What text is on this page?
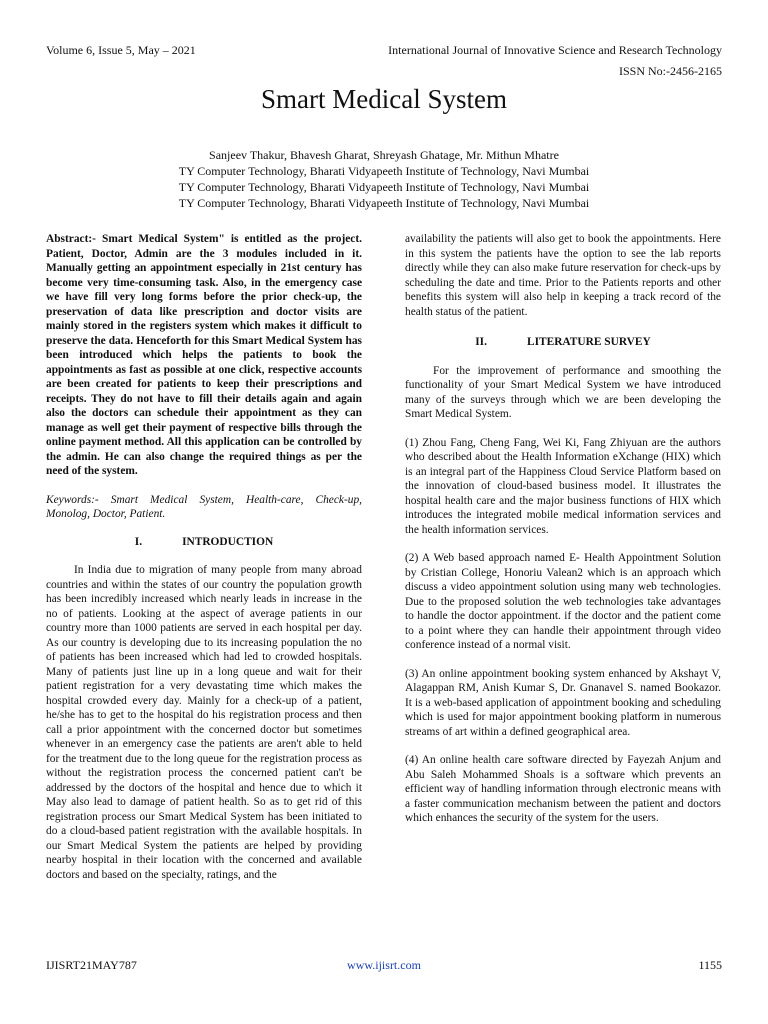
Volume 6, Issue 5, May – 2021	International Journal of Innovative Science and Research Technology
ISSN No:-2456-2165
Smart Medical System
Sanjeev Thakur, Bhavesh Gharat, Shreyash Ghatage, Mr. Mithun Mhatre
TY Computer Technology, Bharati Vidyapeeth Institute of Technology, Navi Mumbai
TY Computer Technology, Bharati Vidyapeeth Institute of Technology, Navi Mumbai
TY Computer Technology, Bharati Vidyapeeth Institute of Technology, Navi Mumbai

Abstract:- Smart Medical System" is entitled as the project. Patient, Doctor, Admin are the 3 modules included in it. Manually getting an appointment especially in 21st century has become very time-consuming task. Also, in the emergency case we have fill very long forms before the prior check-up, the preservation of data like prescription and doctor visits are mainly stored in the registers system which makes it difficult to preserve the data. Henceforth for this Smart Medical System has been introduced which helps the patients to book the appointments as fast as possible at one click, respective accounts are been created for patients to keep their prescriptions and receipts. They do not have to fill their details again and again also the doctors can schedule their appointment as they can manage as well get their payment of respective bills through the online payment method. All this application can be controlled by the admin. He can also change the required things as per the need of the system.

Keywords:- Smart Medical System, Health-care, Check-up, Monolog, Doctor, Patient.

I.	INTRODUCTION

In India due to migration of many people from many abroad countries and within the states of our country the population growth has been incredibly increased which nearly leads in increase in the no of patients. Looking at the aspect of average patients in our country more than 1000 patients are served in each hospital per day. As our country is developing due to its increasing population the no of patients has been increased which had led to crowded hospitals. Many of patients just line up in a long queue and wait for their patient registration for a very devastating time which makes the hospital crowded every day. Mainly for a check-up of a patient, he/she has to get to the hospital do his registration process and then call a prior appointment with the concerned doctor but sometimes whenever in an emergency case the patients are aren't able to held for the treatment due to the long queue for the registration process as without the registration process the concerned patient can't be addressed by the doctors of the hospital and hence due to which it May also lead to damage of patient health. So as to get rid of this registration process our Smart Medical System has been initiated to do a cloud-based patient registration with the available hospitals. In our Smart Medical System the patients are helped by providing nearby hospital in their location with the concerned and available doctors and based on the specialty, ratings, and the

availability the patients will also get to book the appointments. Here in this system the patients have the option to see the lab reports directly while they can also make future reservation for check-ups by scheduling the date and time. Prior to the Patients reports and other benefits this system will also help in keeping a track record of the health status of the patient.

II.	LITERATURE SURVEY

For the improvement of performance and smoothing the functionality of your Smart Medical System we have introduced many of the surveys through which we are been developing the Smart Medical System.

(1) Zhou Fang, Cheng Fang, Wei Ki, Fang Zhiyuan are the authors who described about the Health Information eXchange (HIX) which is an integral part of the Happiness Cloud Service Platform based on the innovation of cloud-based business model. It illustrates the hospital health care and the major business functions of HIX which introduces the integrated mobile medical information services and the health information services.

(2) A Web based approach named E- Health Appointment Solution by Cristian College, Honoriu Valean2 which is an approach which discuss a video appointment solution using many web technologies. Due to the proposed solution the web technologies take advantages to handle the doctor appointment. if the doctor and the patient come to a point where they can handle their appointment through video conference instead of a normal visit.

(3) An online appointment booking system enhanced by Akshayt V, Alagappan RM, Anish Kumar S, Dr. Gnanavel S. named Bookazor. It is a web-based application of appointment booking and scheduling which is used for major appointment booking platform in numerous streams of art within a defined geographical area.

(4) An online health care software directed by Fayezah Anjum and Abu Saleh Mohammed Shoals is a software which prevents an efficient way of handling information through electronic means with a faster communication mechanism between the patient and doctors which enhances the security of the system for the users.

IJISRT21MAY787	www.ijisrt.com	1155
